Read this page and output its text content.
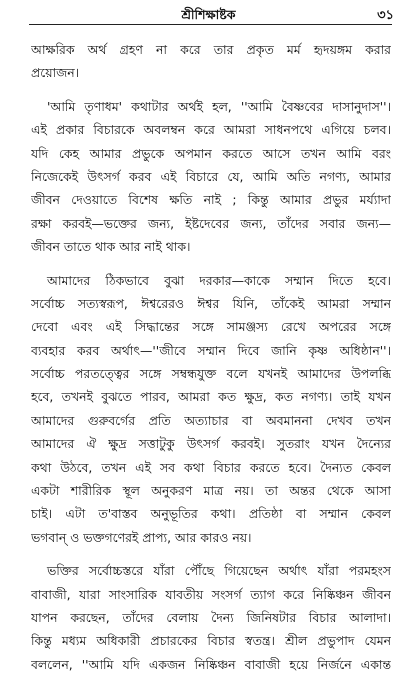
শ্রীশিক্ষাষ্টক	৩১
আক্ষরিক অর্থ গ্রহণ না করে তার প্রকৃত মর্ম হৃদয়ঙ্গম করার
প্রয়োজন।
'আমি তৃণাধম' কথাটার অর্থই হল, ''আমি বৈষ্ণবের দাসানুদাস''।
এই প্রকার বিচারকে অবলম্বন করে আমরা সাধনপথে এগিয়ে চলব।
যদি কেহ আমার প্রভুকে অপমান করতে আসে তখন আমি বরং
নিজেকেই উৎসর্গ করব এই বিচারে যে, আমি অতি নগণ্য, আমার
জীবন দেওয়াতে বিশেষ ক্ষতি নাই ; কিন্তু আমার প্রভুর মর্য্যাদা
রক্ষা করবই—ভক্তের জন্য, ইষ্টদেবের জন্য, তাঁদের সবার জন্য—
জীবন তাতে থাক আর নাই থাক।
আমাদের ঠিকভাবে বুঝা দরকার—কাকে সম্মান দিতে হবে।
সর্বোচ্চ সত্যস্বরূপ, ঈশ্বরেরও ঈশ্বর যিনি, তাঁকেই আমরা সম্মান
দেবো এবং এই সিদ্ধান্তের সঙ্গে সামঞ্জস্য রেখে অপরের সঙ্গে
ব্যবহার করব অর্থাৎ—''জীবে সম্মান দিবে জানি কৃষ্ণ অধিষ্ঠান''।
সর্বোচ্চ পরতত্ত্বের সঙ্গে সম্বন্ধযুক্ত বলে যখনই আমাদের উপলব্ধি
হবে, তখনই বুঝতে পারব, আমরা কত ক্ষুদ্র, কত নগণ্য। তাই যখন
আমাদের গুরুবর্গের প্রতি অত্যাচার বা অবমাননা দেখব তখন
আমাদের ঐ ক্ষুদ্র সত্তাটুকু উৎসর্গ করবই। সুতরাং যখন দৈন্যের
কথা উঠবে, তখন এই সব কথা বিচার করতে হবে। দৈন্যত কেবল
একটা শারীরিক স্থূল অনুকরণ মাত্র নয়। তা অন্তর থেকে আসা
চাই। এটা ত'বাস্তব অনুভূতির কথা। প্রতিষ্ঠা বা সম্মান কেবল
ভগবান্‌ ও ভক্তগণেরই প্রাপ্য, আর কারও নয়।
ভক্তির সর্বোচ্চস্তরে যাঁরা পৌঁছে গিয়েছেন অর্থাৎ যাঁরা পরমহংস
বাবাজী, যারা সাংসারিক যাবতীয় সংসর্গ ত্যাগ করে নিষ্কিঞ্চন জীবন
যাপন করছেন, তাঁদের বেলায় দৈন্য জিনিষটার বিচার আলাদা।
কিন্তু মধ্যম অধিকারী প্রচারকের বিচার স্বতন্ত্র। শ্রীল প্রভুপাদ যেমন
বললেন, ''আমি যদি একজন নিষ্কিঞ্চন বাবাজী হয়ে নির্জনে একান্ত
